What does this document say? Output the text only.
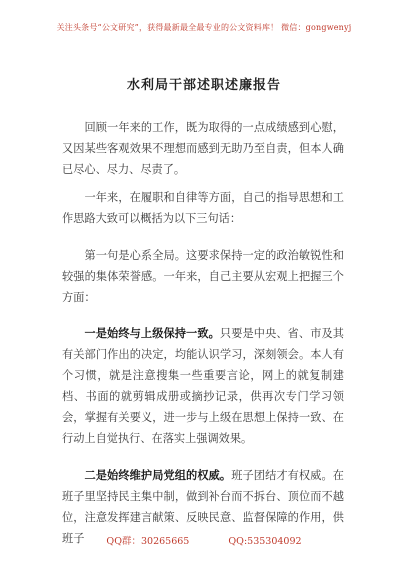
关注头条号“公文研究”，获得最新最全最专业的公文资料库！ 微信：gongwenyj
水利局干部述职述廉报告

  回顾一年来的工作，既为取得的一点成绩感到心慰，又因某些客观效果不理想而感到无助乃至自责，但本人确已尽心、尽力、尽责了。

  一年来，在履职和自律等方面，自己的指导思想和工作思路大致可以概括为以下三句话：

  第一句是心系全局。这要求保持一定的政治敏锐性和较强的集体荣誉感。一年来，自己主要从宏观上把握三个方面：

  一是始终与上级保持一致。只要是中央、省、市及其有关部门作出的决定，均能认识学习，深刻领会。本人有个习惯，就是注意搜集一些重要言论，网上的就复制建档、书面的就剪辑成册或摘抄记录，供再次专门学习领会，掌握有关要义，进一步与上级在思想上保持一致、在行动上自觉执行、在落实上强调效果。

  二是始终维护局党组的权威。班子团结才有权威。在班子里坚持民主集中制，做到补台而不拆台、顶位而不越位，注意发挥建言献策、反映民意、监督保障的作用，供班子	QQ群：30265665	QQ:535304092
